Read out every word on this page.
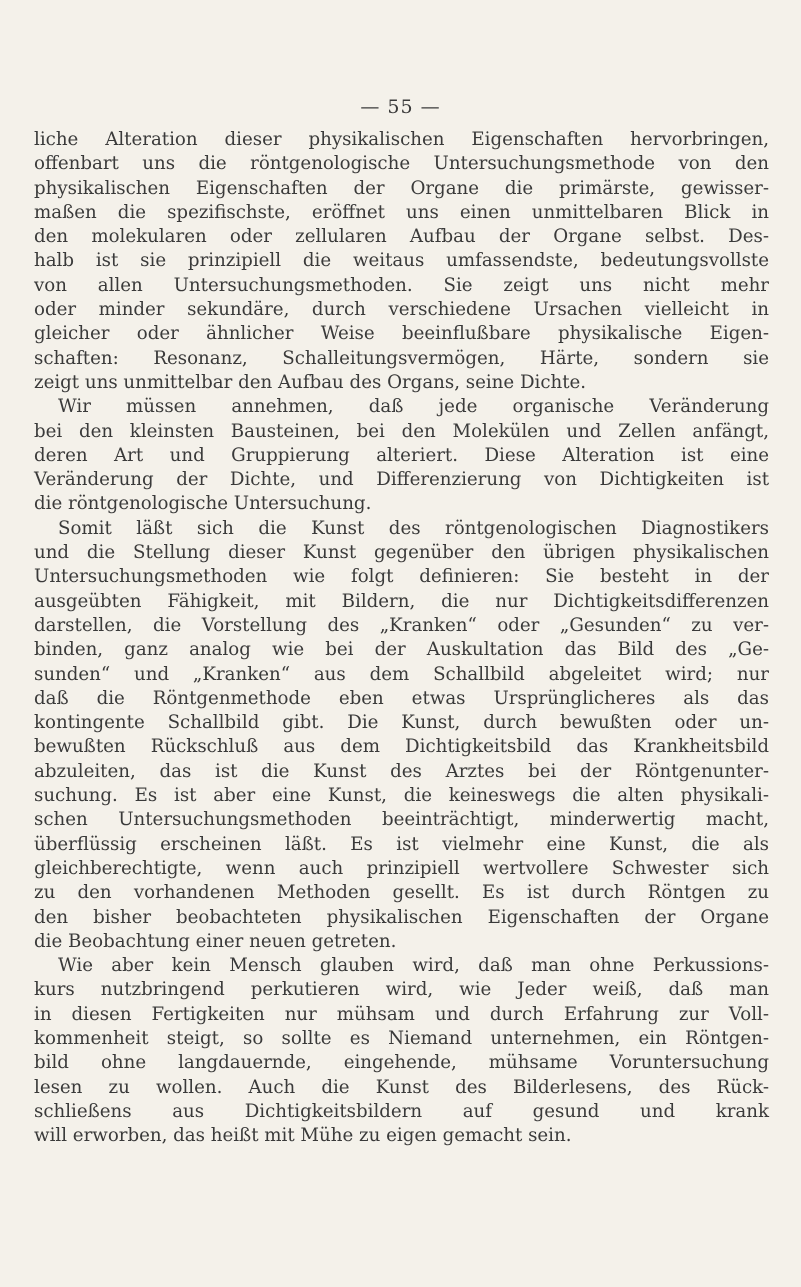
— 55 —

liche Alteration dieser physikalischen Eigenschaften hervorbringen,
offenbart uns die röntgenologische Untersuchungsmethode von den
physikalischen Eigenschaften der Organe die primärste, gewisser-
maßen die spezifischste, eröffnet uns einen unmittelbaren Blick in
den molekularen oder zellularen Aufbau der Organe selbst. Des-
halb ist sie prinzipiell die weitaus umfassendste, bedeutungsvollste
von allen Untersuchungsmethoden. Sie zeigt uns nicht mehr
oder minder sekundäre, durch verschiedene Ursachen vielleicht in
gleicher oder ähnlicher Weise beeinflußbare physikalische Eigen-
schaften: Resonanz, Schalleitungsvermögen, Härte, sondern sie
zeigt uns unmittelbar den Aufbau des Organs, seine Dichte.

Wir müssen annehmen, daß jede organische Veränderung
bei den kleinsten Bausteinen, bei den Molekülen und Zellen anfängt,
deren Art und Gruppierung alteriert. Diese Alteration ist eine
Veränderung der Dichte, und Differenzierung von Dichtigkeiten ist
die röntgenologische Untersuchung.

Somit läßt sich die Kunst des röntgenologischen Diagnostikers
und die Stellung dieser Kunst gegenüber den übrigen physikalischen
Untersuchungsmethoden wie folgt definieren: Sie besteht in der
ausgeübten Fähigkeit, mit Bildern, die nur Dichtigkeitsdifferenzen
darstellen, die Vorstellung des „Kranken“ oder „Gesunden“ zu ver-
binden, ganz analog wie bei der Auskultation das Bild des „Ge-
sunden“ und „Kranken“ aus dem Schallbild abgeleitet wird; nur
daß die Röntgenmethode eben etwas Ursprünglicheres als das
kontingente Schallbild gibt. Die Kunst, durch bewußten oder un-
bewußten Rückschluß aus dem Dichtigkeitsbild das Krankheitsbild
abzuleiten, das ist die Kunst des Arztes bei der Röntgenunter-
suchung. Es ist aber eine Kunst, die keineswegs die alten physikali-
schen Untersuchungsmethoden beeinträchtigt, minderwertig macht,
überflüssig erscheinen läßt. Es ist vielmehr eine Kunst, die als
gleichberechtigte, wenn auch prinzipiell wertvollere Schwester sich
zu den vorhandenen Methoden gesellt. Es ist durch Röntgen zu
den bisher beobachteten physikalischen Eigenschaften der Organe
die Beobachtung einer neuen getreten.

Wie aber kein Mensch glauben wird, daß man ohne Perkussions-
kurs nutzbringend perkutieren wird, wie Jeder weiß, daß man
in diesen Fertigkeiten nur mühsam und durch Erfahrung zur Voll-
kommenheit steigt, so sollte es Niemand unternehmen, ein Röntgen-
bild ohne langdauernde, eingehende, mühsame Voruntersuchung
lesen zu wollen. Auch die Kunst des Bilderlesens, des Rück-
schließens aus Dichtigkeitsbildern auf gesund und krank
will erworben, das heißt mit Mühe zu eigen gemacht sein.
